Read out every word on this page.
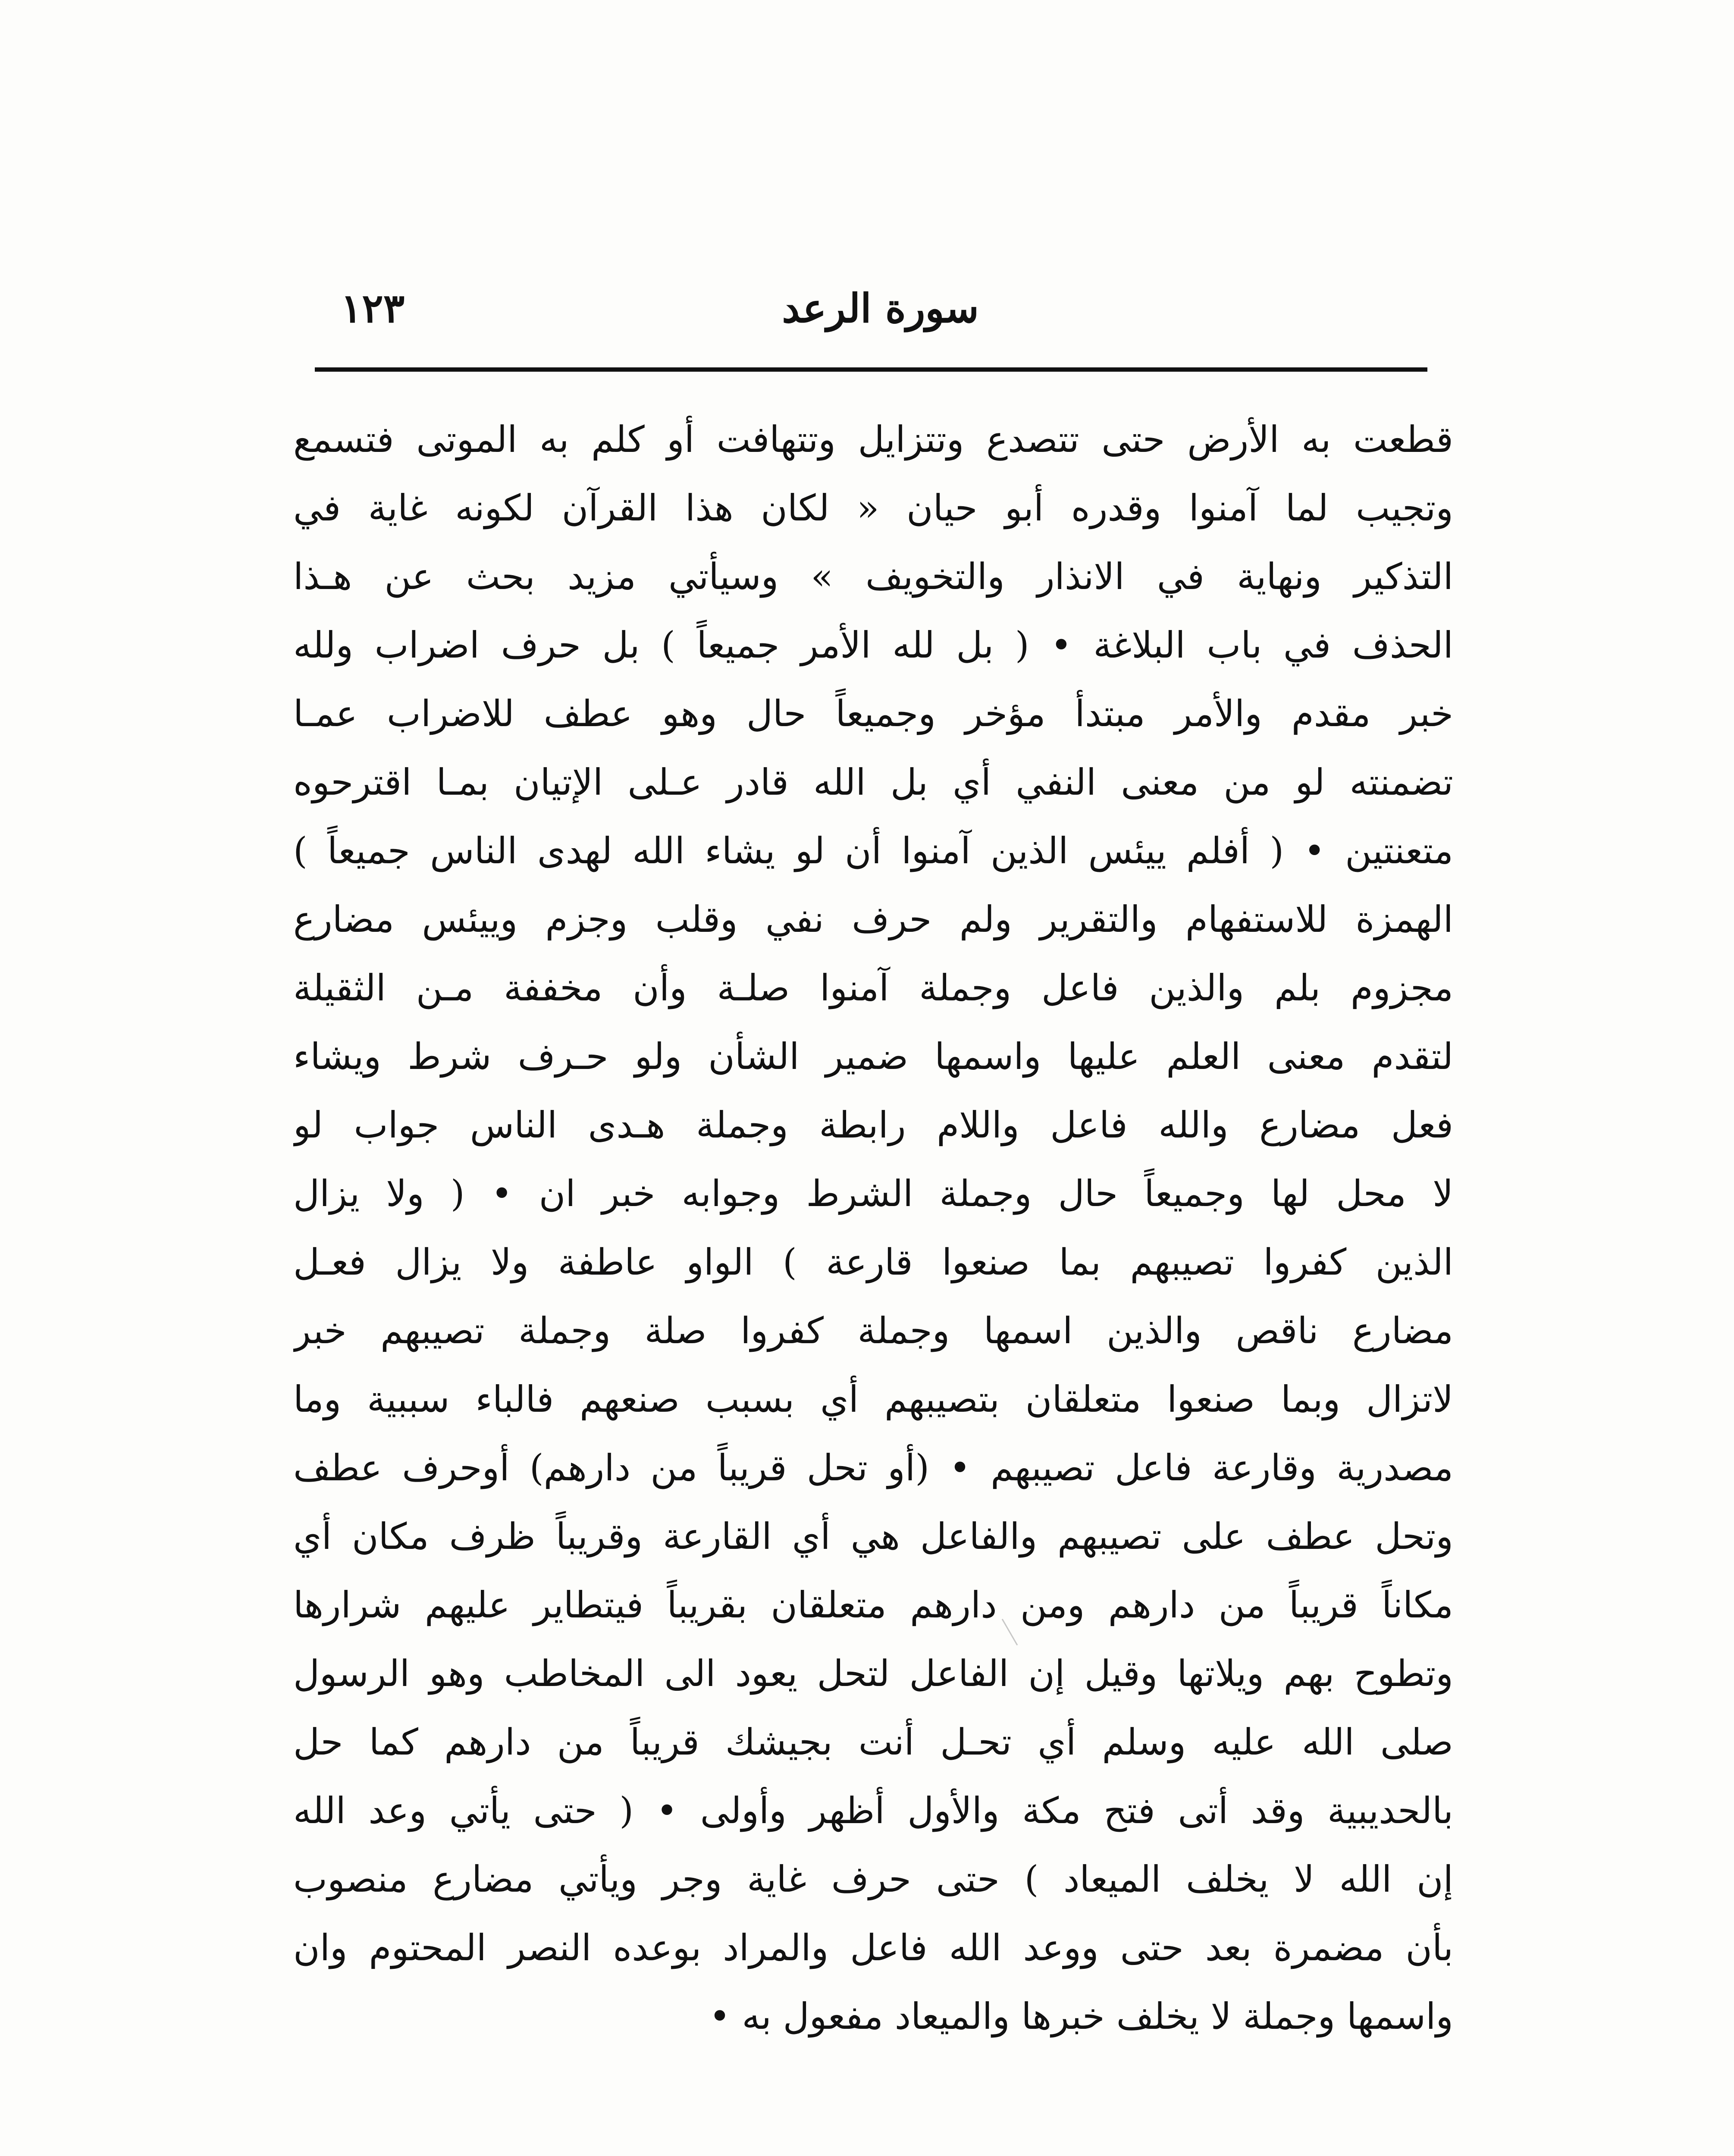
سورة الرعد
١٢٣
قطعت به الأرض حتى تتصدع وتتزايل وتتهافت أو كلم به الموتى فتسمع
وتجيب لما آمنوا وقدره أبو حيان « لكان هذا القرآن لكونه غاية في
التذكير ونهاية في الانذار والتخويف » وسيأتي مزيد بحث عن هـذا
الحذف في باب البلاغة • ( بل لله الأمر جميعاً ) بل حرف اضراب ولله
خبر مقدم والأمر مبتدأ مؤخر وجميعاً حال وهو عطف للاضراب عمـا
تضمنته لو من معنى النفي أي بل الله قادر عـلى الإتيان بمـا اقترحوه
متعنتين • ( أفلم ييئس الذين آمنوا أن لو يشاء الله لهدى الناس جميعاً )
الهمزة للاستفهام والتقرير ولم حرف نفي وقلب وجزم وييئس مضارع
مجزوم بلم والذين فاعل وجملة آمنوا صلـة وأن مخففة مـن الثقيلة
لتقدم معنى العلم عليها واسمها ضمير الشأن ولو حـرف شرط ويشاء
فعل مضارع والله فاعل واللام رابطة وجملة هـدى الناس جواب لو
لا محل لها وجميعاً حال وجملة الشرط وجوابه خبر ان • ( ولا يزال
الذين كفروا تصيبهم بما صنعوا قارعة ) الواو عاطفة ولا يزال فعـل
مضارع ناقص والذين اسمها وجملة كفروا صلة وجملة تصيبهم خبر
لاتزال وبما صنعوا متعلقان بتصيبهم أي بسبب صنعهم فالباء سببية وما
مصدرية وقارعة فاعل تصيبهم • (أو تحل قريباً من دارهم) أوحرف عطف
وتحل عطف على تصيبهم والفاعل هي أي القارعة وقريباً ظرف مكان أي
مكاناً قريباً من دارهم ومن دارهم متعلقان بقريباً فيتطاير عليهم شرارها
وتطوح بهم ويلاتها وقيل إن الفاعل لتحل يعود الى المخاطب وهو الرسول
صلى الله عليه وسلم أي تحـل أنت بجيشك قريباً من دارهم كما حل
بالحديبية وقد أتى فتح مكة والأول أظهر وأولى • ( حتى يأتي وعد الله
إن الله لا يخلف الميعاد ) حتى حرف غاية وجر ويأتي مضارع منصوب
بأن مضمرة بعد حتى ووعد الله فاعل والمراد بوعده النصر المحتوم وان
واسمها وجملة لا يخلف خبرها والميعاد مفعول به •
